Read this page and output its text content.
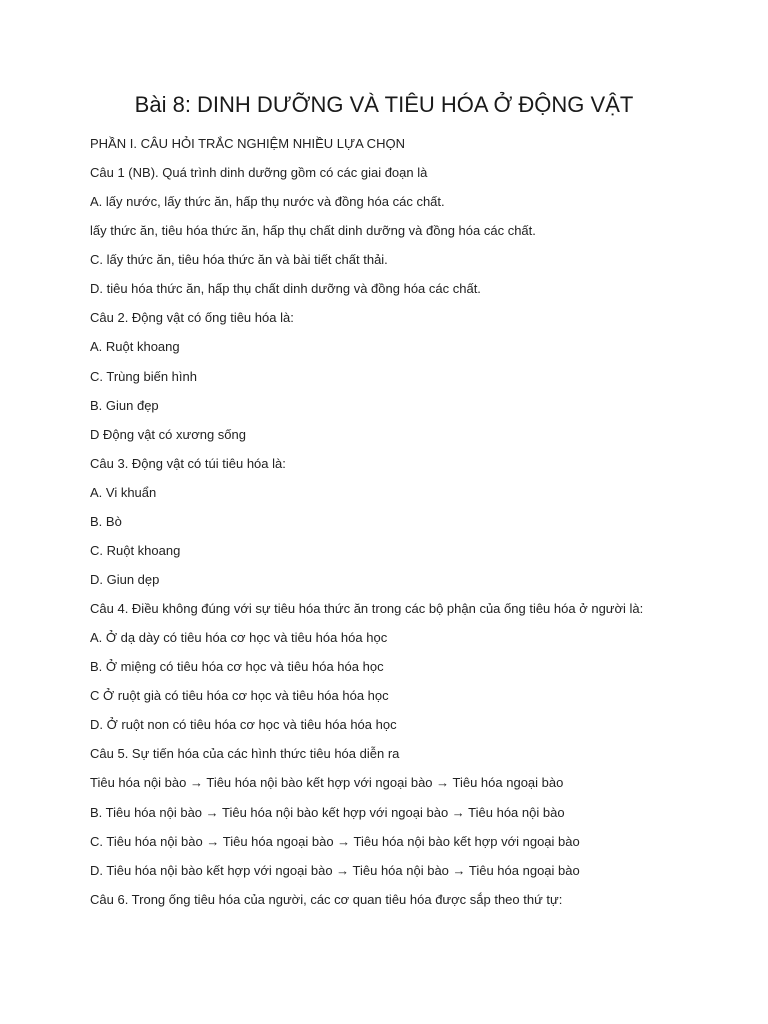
Bài 8: DINH DƯỠNG VÀ TIÊU HÓA Ở ĐỘNG VẬT
PHẦN I. CÂU HỎI TRẮC NGHIỆM NHIỀU LỰA CHỌN
Câu 1 (NB). Quá trình dinh dưỡng gồm có các giai đoạn là
A. lấy nước, lấy thức ăn, hấp thụ nước và đồng hóa các chất.
lấy thức ăn, tiêu hóa thức ăn, hấp thụ chất dinh dưỡng và đồng hóa các chất.
C. lấy thức ăn, tiêu hóa thức ăn và bài tiết chất thải.
D. tiêu hóa thức ăn, hấp thụ chất dinh dưỡng và đồng hóa các chất.
Câu 2. Động vật có ống tiêu hóa là:
A. Ruột khoang
C. Trùng biến hình
B. Giun đẹp
D Động vật có xương sống
Câu 3. Động vật có túi tiêu hóa là:
A. Vi khuẩn
B. Bò
C. Ruột khoang
D. Giun dẹp
Câu 4. Điều không đúng với sự tiêu hóa thức ăn trong các bộ phận của ống tiêu hóa ở người là:
A. Ở dạ dày có tiêu hóa cơ học và tiêu hóa hóa học
B. Ở miệng có tiêu hóa cơ học và tiêu hóa hóa học
C Ở ruột già có tiêu hóa cơ học và tiêu hóa hóa học
D. Ở ruột non có tiêu hóa cơ học và tiêu hóa hóa học
Câu 5. Sự tiến hóa của các hình thức tiêu hóa diễn ra
Tiêu hóa nội bào → Tiêu hóa nội bào kết hợp với ngoại bào → Tiêu hóa ngoại bào
B. Tiêu hóa nội bào → Tiêu hóa nội bào kết hợp với ngoại bào → Tiêu hóa nội bào
C. Tiêu hóa nội bào → Tiêu hóa ngoại bào → Tiêu hóa nội bào kết hợp với ngoại bào
D. Tiêu hóa nội bào kết hợp với ngoại bào → Tiêu hóa nội bào → Tiêu hóa ngoại bào
Câu 6. Trong ống tiêu hóa của người, các cơ quan tiêu hóa được sắp theo thứ tự:
